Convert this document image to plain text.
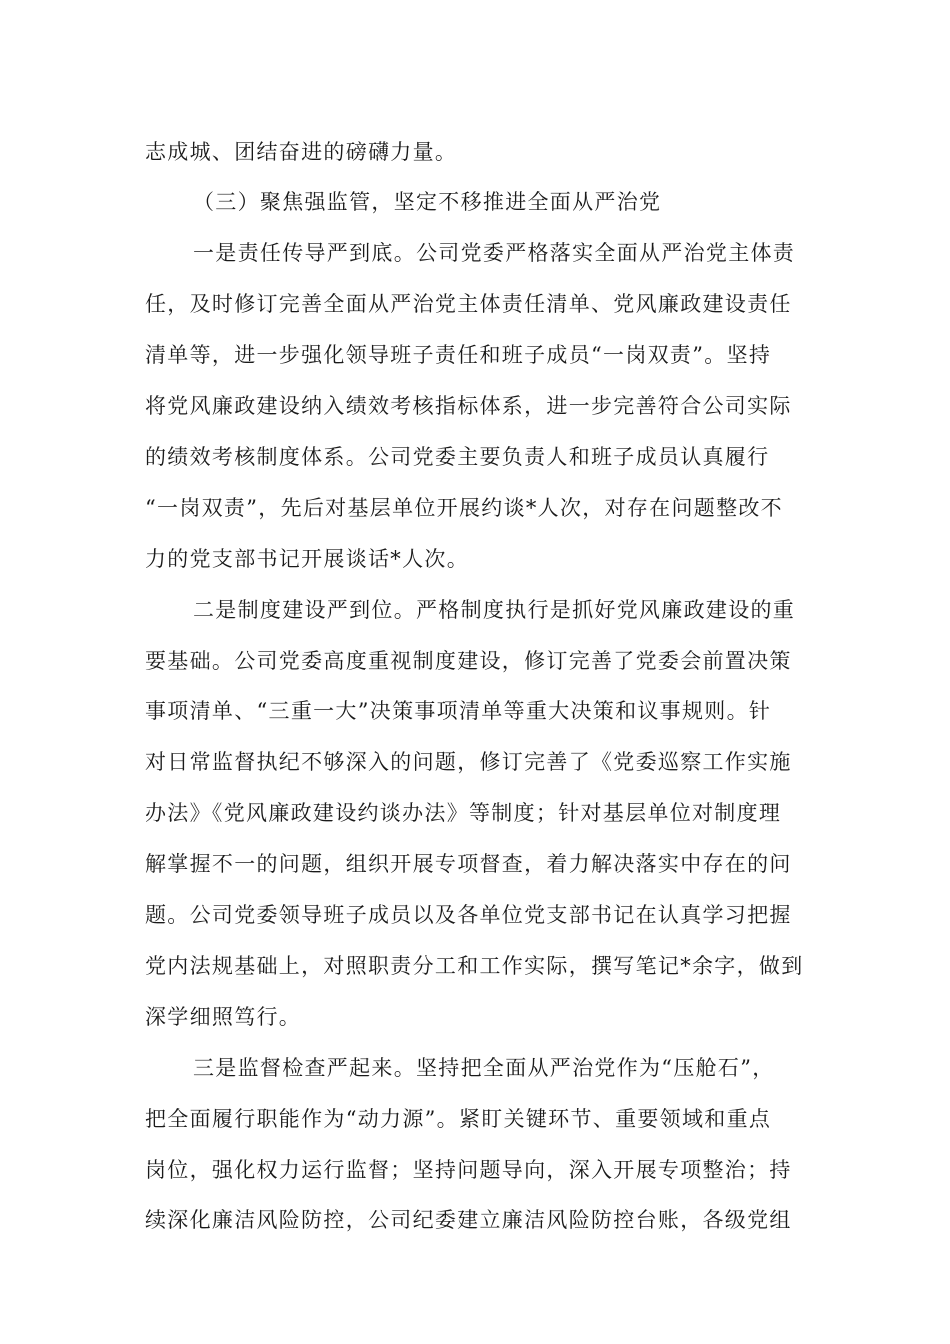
志成城、团结奋进的磅礴力量。
（三）聚焦强监管，坚定不移推进全面从严治党
一是责任传导严到底。公司党委严格落实全面从严治党主体责
任，及时修订完善全面从严治党主体责任清单、党风廉政建设责任
清单等，进一步强化领导班子责任和班子成员“一岗双责”。坚持
将党风廉政建设纳入绩效考核指标体系，进一步完善符合公司实际
的绩效考核制度体系。公司党委主要负责人和班子成员认真履行
“一岗双责”，先后对基层单位开展约谈*人次，对存在问题整改不
力的党支部书记开展谈话*人次。
二是制度建设严到位。严格制度执行是抓好党风廉政建设的重
要基础。公司党委高度重视制度建设，修订完善了党委会前置决策
事项清单、“三重一大”决策事项清单等重大决策和议事规则。针
对日常监督执纪不够深入的问题，修订完善了《党委巡察工作实施
办法》《党风廉政建设约谈办法》等制度；针对基层单位对制度理
解掌握不一的问题，组织开展专项督查，着力解决落实中存在的问
题。公司党委领导班子成员以及各单位党支部书记在认真学习把握
党内法规基础上，对照职责分工和工作实际，撰写笔记*余字，做到
深学细照笃行。
三是监督检查严起来。坚持把全面从严治党作为“压舱石”，
把全面履行职能作为“动力源”。紧盯关键环节、重要领域和重点
岗位，强化权力运行监督；坚持问题导向，深入开展专项整治；持
续深化廉洁风险防控，公司纪委建立廉洁风险防控台账，各级党组
